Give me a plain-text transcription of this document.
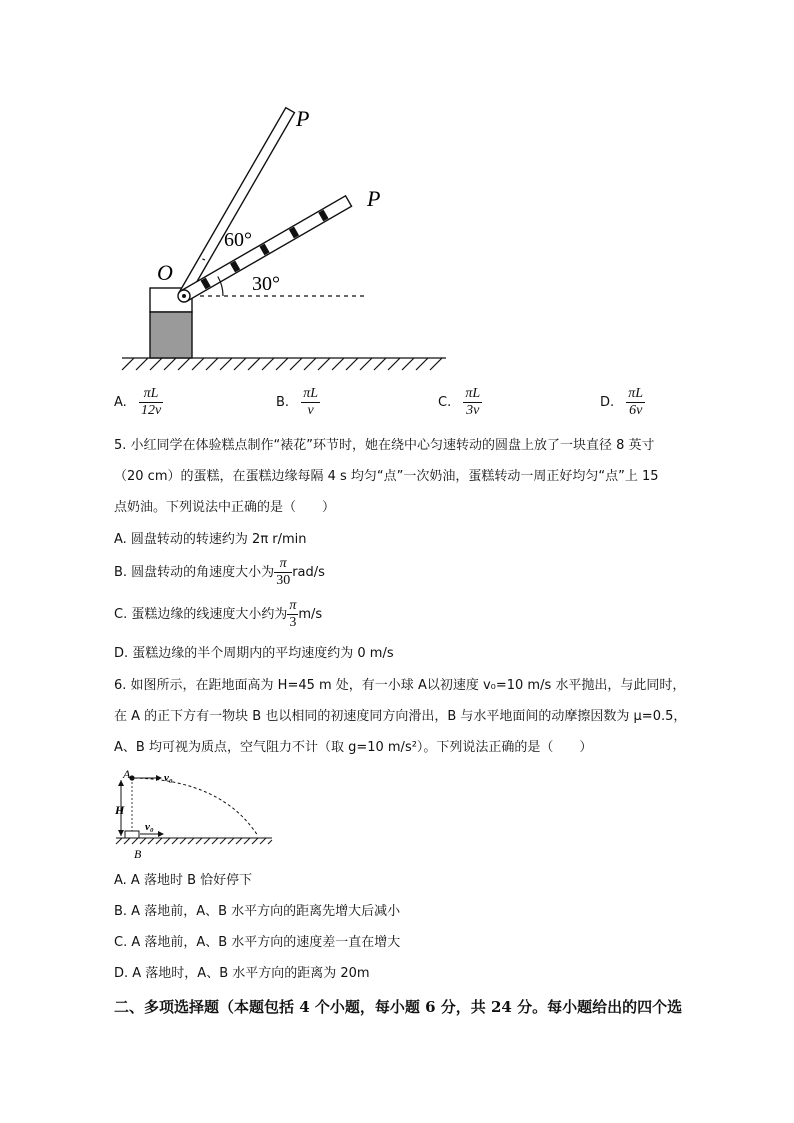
P
P
O
60°
30°
A. $\frac{\pi L}{12v}$	B. $\frac{\pi L}{v}$	C. $\frac{\pi L}{3v}$	D. $\frac{\pi L}{6v}$
5. 小红同学在体验糕点制作“裱花”环节时，她在绕中心匀速转动的圆盘上放了一块直径 8 英寸
（20 cm）的蛋糕，在蛋糕边缘每隔 4 s 均匀“点”一次奶油，蛋糕转动一周正好均匀“点”上 15
点奶油。下列说法中正确的是（　　）
A. 圆盘转动的转速约为 2π r/min
B. 圆盘转动的角速度大小为 $\frac{\pi}{30} rad/s$
C. 蛋糕边缘的线速度大小约为 $\frac{\pi}{3} m/s$
D. 蛋糕边缘的半个周期内的平均速度约为 0 m/s
6. 如图所示，在距地面高为 H=45 m 处，有一小球 A以初速度 v₀=10 m/s 水平抛出，与此同时，
在 A 的正下方有一物块 B 也以相同的初速度同方向滑出，B 与水平地面间的动摩擦因数为 μ=0.5，
A、B 均可视为质点，空气阻力不计（取 g=10 m/s²）。下列说法正确的是（　　）
A
H
B
v₀
v₀
A. A 落地时 B 恰好停下
B. A 落地前，A、B 水平方向的距离先增大后减小
C. A 落地前，A、B 水平方向的速度差一直在增大
D. A 落地时，A、B 水平方向的距离为 20m
二、多项选择题（本题包括 4 个小题，每小题 6 分，共 24 分。每小题给出的四个选
